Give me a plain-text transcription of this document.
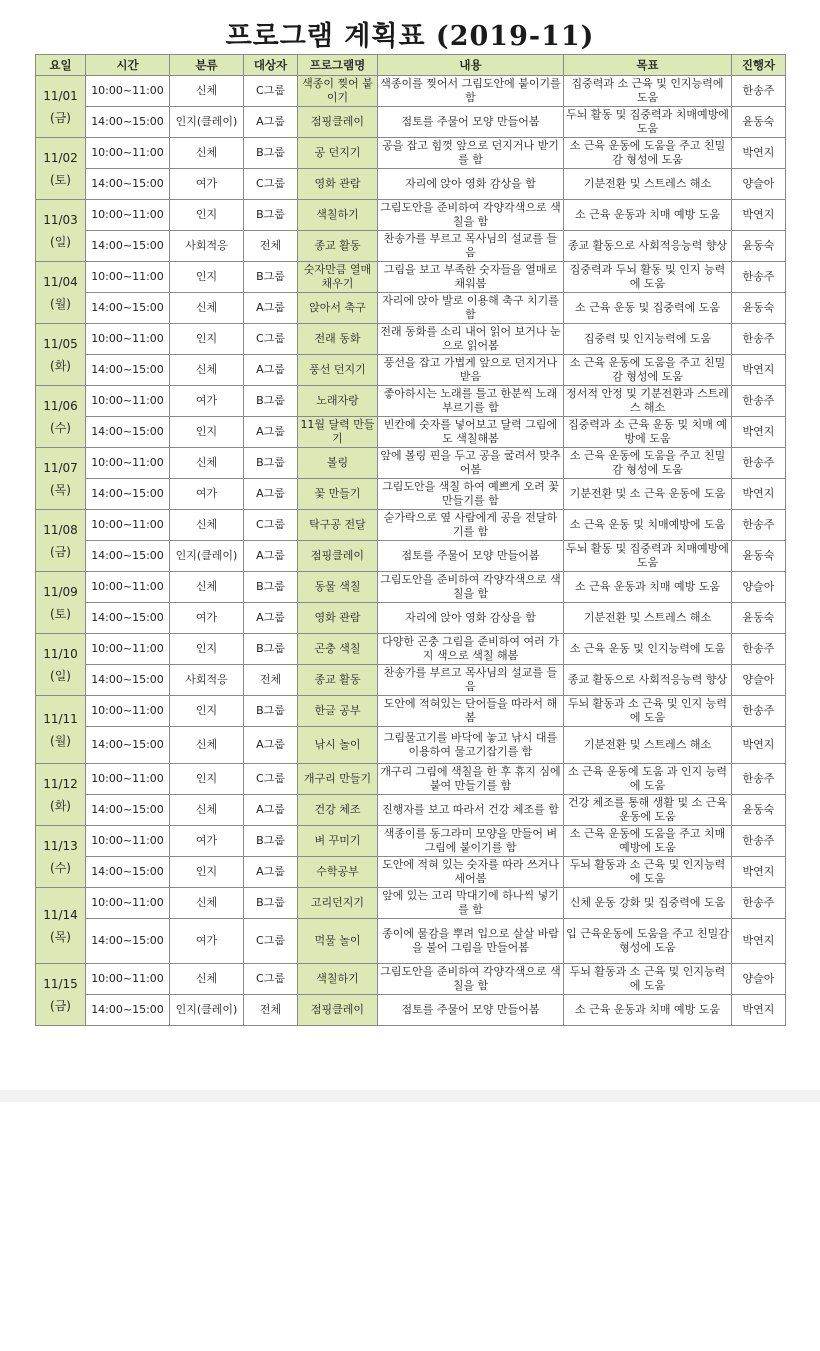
프로그램 계획표 (2019-11)
요일	시간	분류	대상자	프로그램명	내용	목표	진행자

11/01
(금)	10:00~11:00	신체	C그룹	색종이 찢어 붙이기	색종이를 찢어서 그림도안에 붙이기를 함	집중력과 소 근육 및 인지능력에 도움	한송주
	14:00~15:00	인지(클레이)	A그룹	점핑클레이	점토를 주물어 모양 만들어봄	두뇌 활동 및 집중력과 치매예방에 도움	윤동숙

11/02
(토)	10:00~11:00	신체	B그룹	공 던지기	공을 잡고 힘껏 앞으로 던지거나 받기를 함	소 근육 운동에 도움을 주고 친밀감 형성에 도움	박연지
	14:00~15:00	여가	C그룹	영화 관람	자리에 앉아 영화 감상을 함	기분전환 및 스트레스 해소	양슬아

11/03
(일)	10:00~11:00	인지	B그룹	색칠하기	그림도안을 준비하여 각양각색으로 색칠을 함	소 근육 운동과 치매 예방 도움	박연지
	14:00~15:00	사회적응	전체	종교 활동	찬송가를 부르고 목사님의 설교를 들음	종교 활동으로 사회적응능력 향상	윤동숙

11/04
(월)	10:00~11:00	인지	B그룹	숫자만큼 열매 채우기	그림을 보고 부족한 숫자들을 열매로 채워봄	집중력과 두뇌 활동 및 인지 능력에 도움	한송주
	14:00~15:00	신체	A그룹	앉아서 축구	자리에 앉아 발로 이용해 축구 치기를 함	소 근육 운동 및 집중력에 도움	윤동숙

11/05
(화)	10:00~11:00	인지	C그룹	전래 동화	전래 동화를 소리 내어 읽어 보거나 눈으로 읽어봄	집중력 및 인지능력에 도움	한송주
	14:00~15:00	신체	A그룹	풍선 던지기	풍선을 잡고 가볍게 앞으로 던지거나 받음	소 근육 운동에 도움을 주고 친밀감 형성에 도움	박연지

11/06
(수)	10:00~11:00	여가	B그룹	노래자랑	좋아하시는 노래를 틀고 한분씩 노래 부르기를 함	정서적 안정 및 기분전환과 스트레스 해소	한송주
	14:00~15:00	인지	A그룹	11월 달력 만들기	빈칸에 숫자를 넣어보고 달력 그림에도 색칠해봄	집중력과 소 근육 운동 및 치매 예방에 도움	박연지

11/07
(목)	10:00~11:00	신체	B그룹	볼링	앞에 볼링 핀을 두고 공을 굴려서 맞추어봄	소 근육 운동에 도움을 주고 친밀감 형성에 도움	한송주
	14:00~15:00	여가	A그룹	꽃 만들기	그림도안을 색칠 하여 예쁘게 오려 꽃 만들기를 함	기분전환 및 소 근육 운동에 도움	박연지

11/08
(금)	10:00~11:00	신체	C그룹	탁구공 전달	숟가락으로 옆 사람에게 공을 전달하기를 함	소 근육 운동 및 치매예방에 도움	한송주
	14:00~15:00	인지(클레이)	A그룹	점핑클레이	점토를 주물어 모양 만들어봄	두뇌 활동 및 집중력과 치매예방에 도움	윤동숙

11/09
(토)	10:00~11:00	신체	B그룹	동물 색칠	그림도안을 준비하여 각양각색으로 색칠을 함	소 근육 운동과 치매 예방 도움	양슬아
	14:00~15:00	여가	A그룹	영화 관람	자리에 앉아 영화 감상을 함	기분전환 및 스트레스 해소	윤동숙

11/10
(일)	10:00~11:00	인지	B그룹	곤충 색칠	다양한 곤충 그림을 준비하여 여러 가지 색으로 색칠 해봄	소 근육 운동 및 인지능력에 도움	한송주
	14:00~15:00	사회적응	전체	종교 활동	찬송가를 부르고 목사님의 설교를 들음	종교 활동으로 사회적응능력 향상	양슬아

11/11
(월)	10:00~11:00	인지	B그룹	한글 공부	도안에 적혀있는 단어들을 따라서 해봄	두뇌 활동과 소 근육 및 인지 능력에 도움	한송주
	14:00~15:00	신체	A그룹	낚시 놀이	그림물고기를 바닥에 놓고 낚시 대를 이용하여 물고기잡기를 함	기분전환 및 스트레스 해소	박연지

11/12
(화)	10:00~11:00	인지	C그룹	개구리 만들기	개구리 그림에 색칠을 한 후 휴지 심에 붙여 만들기를 함	소 근육 운동에 도움 과 인지 능력에 도움	한송주
	14:00~15:00	신체	A그룹	건강 체조	진행자를 보고 따라서 건강 체조를 함	건강 체조를 통해 생활 및 소 근육 운동에 도움	윤동숙

11/13
(수)	10:00~11:00	여가	B그룹	벼 꾸미기	색종이를 동그라미 모양을 만들어 벼 그림에 붙이기를 함	소 근육 운동에 도움을 주고 치매예방에 도움	한송주
	14:00~15:00	인지	A그룹	수학공부	도안에 적혀 있는 숫자를 따라 쓰거나 세어봄	두뇌 활동과 소 근육 및 인지능력에 도움	박연지

11/14
(목)	10:00~11:00	신체	B그룹	고리던지기	앞에 있는 고리 막대기에 하나씩 넣기를 함	신체 운동 강화 및 집중력에 도움	한송주
	14:00~15:00	여가	C그룹	먹물 놀이	종이에 물감을 뿌려 입으로 살살 바람을 불어 그림을 만들어봄	입 근육운동에 도움을 주고 친밀감 형성에 도움	박연지

11/15
(금)	10:00~11:00	신체	C그룹	색칠하기	그림도안을 준비하여 각양각색으로 색칠을 함	두뇌 활동과 소 근육 및 인지능력에 도움	양슬아
	14:00~15:00	인지(클레이)	전체	점핑클레이	점토를 주물어 모양 만들어봄	소 근육 운동과 치매 예방 도움	박연지
